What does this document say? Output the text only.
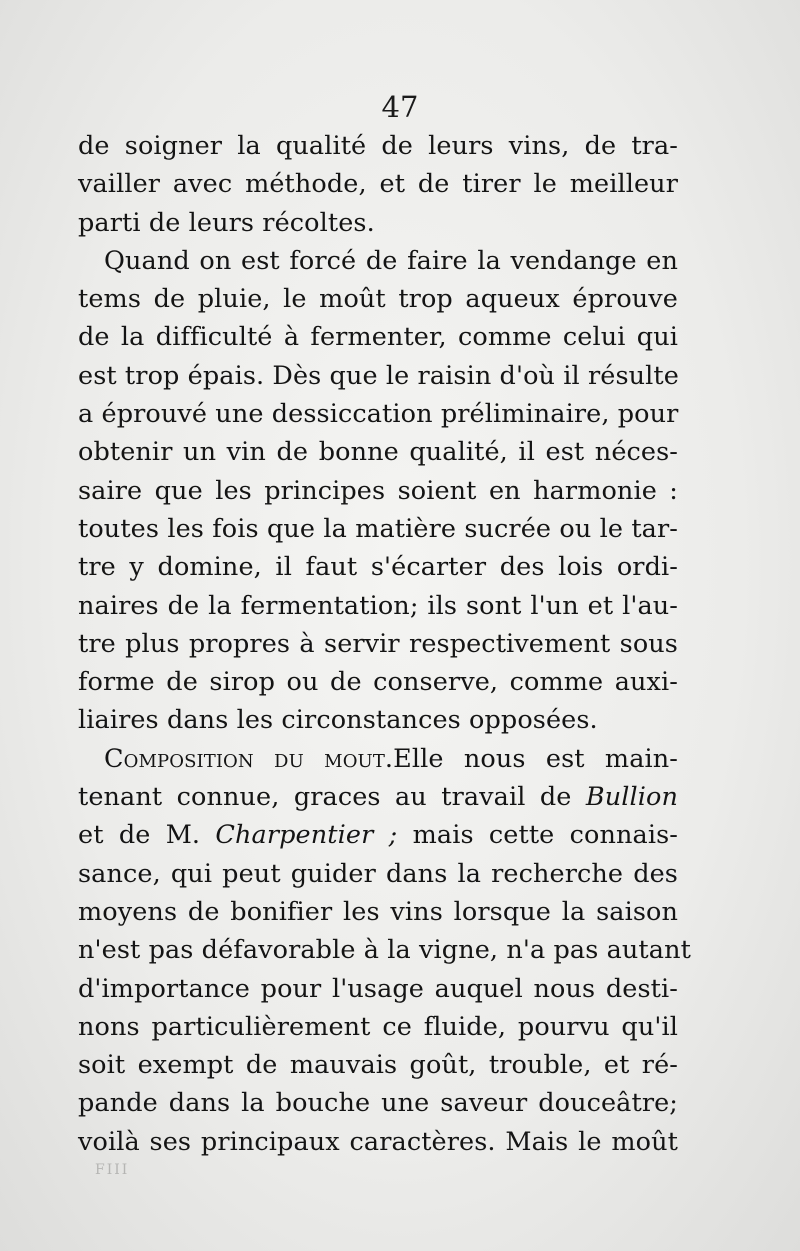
47
de soigner la qualité de leurs vins, de tra-
vailler avec méthode, et de tirer le meilleur
parti de leurs récoltes.
Quand on est forcé de faire la vendange en
tems de pluie, le moût trop aqueux éprouve
de la difficulté à fermenter, comme celui qui
est trop épais. Dès que le raisin d'où il résulte
a éprouvé une dessiccation préliminaire, pour
obtenir un vin de bonne qualité, il est néces-
saire que les principes soient en harmonie :
toutes les fois que la matière sucrée ou le tar-
tre y domine, il faut s'écarter des lois ordi-
naires de la fermentation; ils sont l'un et l'au-
tre plus propres à servir respectivement sous
forme de sirop ou de conserve, comme auxi-
liaires dans les circonstances opposées.
Composition du mout.Elle nous est main-
tenant connue, graces au travail de Bullion
et de M. Charpentier ; mais cette connais-
sance, qui peut guider dans la recherche des
moyens de bonifier les vins lorsque la saison
n'est pas défavorable à la vigne, n'a pas autant
d'importance pour l'usage auquel nous desti-
nons particulièrement ce fluide, pourvu qu'il
soit exempt de mauvais goût, trouble, et ré-
pande dans la bouche une saveur douceâtre;
voilà ses principaux caractères. Mais le moût
FIII
